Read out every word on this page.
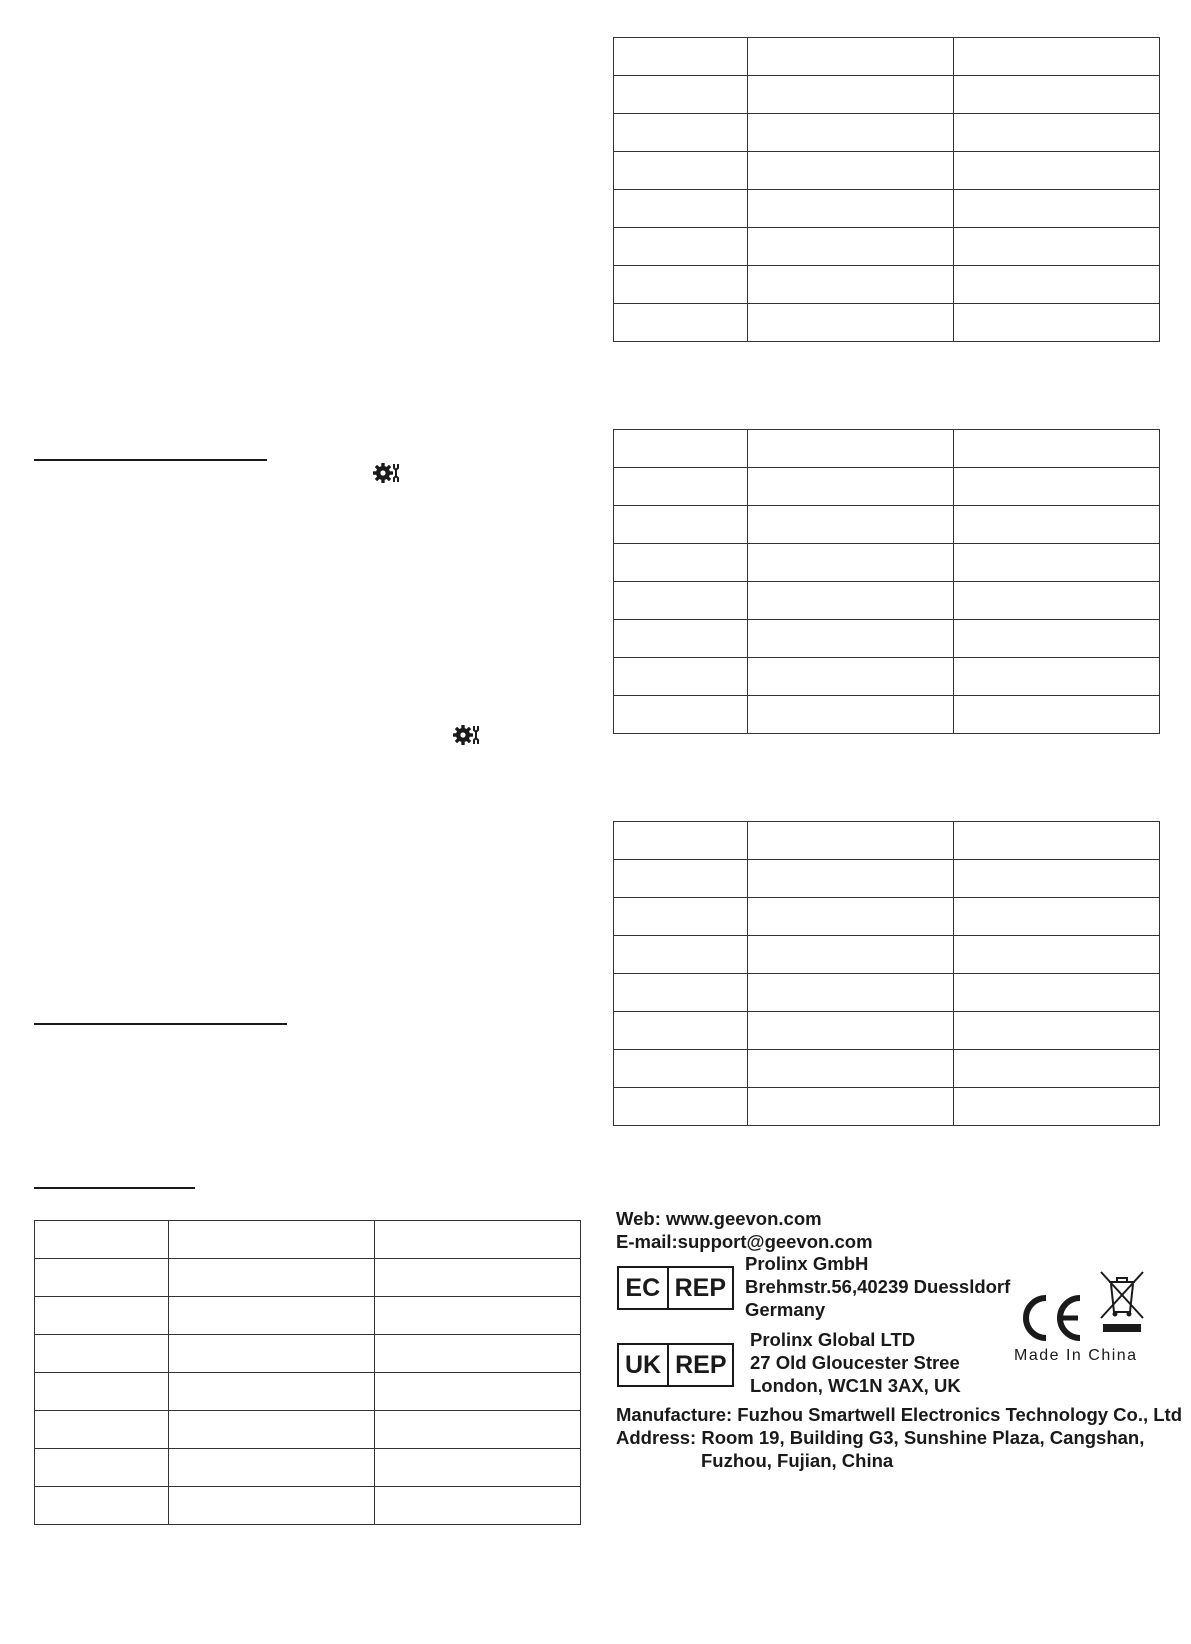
Web: www.geevon.com
E-mail:support@geevon.com
EC REP
Prolinx GmbH
Brehmstr.56,40239 Duessldorf
Germany
UK REP
Prolinx Global LTD
27 Old Gloucester Stree
London, WC1N 3AX, UK
Made In China
Manufacture: Fuzhou Smartwell Electronics Technology Co., Ltd
Address: Room 19, Building G3, Sunshine Plaza, Cangshan,
Fuzhou, Fujian, China
